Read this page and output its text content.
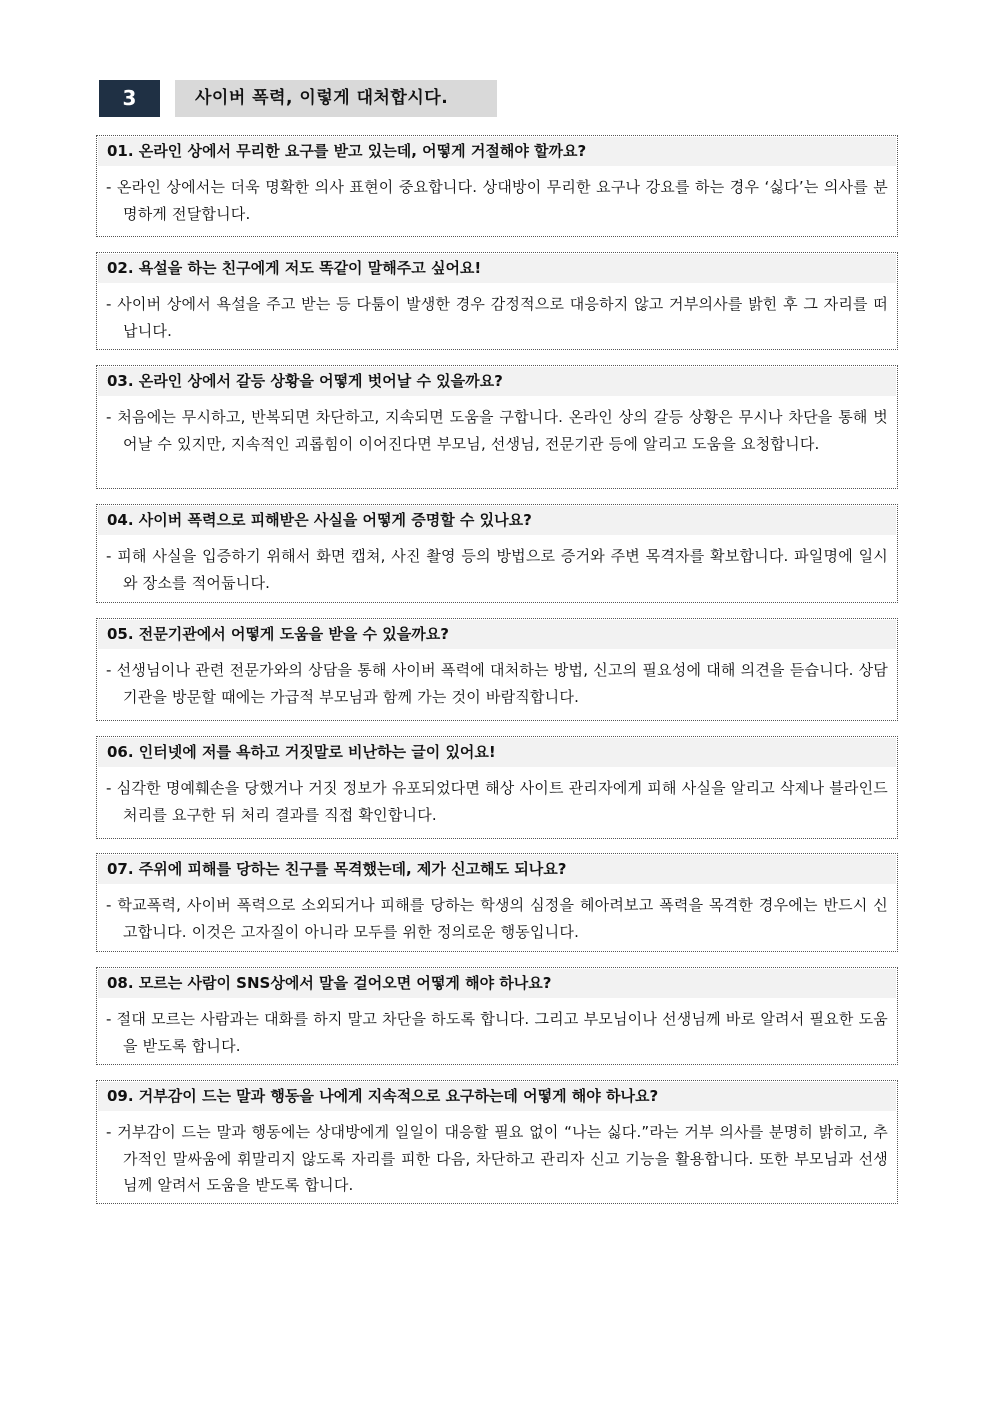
3	사이버 폭력, 이렇게 대처합시다.
01. 온라인 상에서 무리한 요구를 받고 있는데, 어떻게 거절해야 할까요?
- 온라인 상에서는 더욱 명확한 의사 표현이 중요합니다. 상대방이 무리한 요구나 강요를 하는 경우 ‘싫다’는 의사를 분명하게 전달합니다.
02. 욕설을 하는 친구에게 저도 똑같이 말해주고 싶어요!
- 사이버 상에서 욕설을 주고 받는 등 다툼이 발생한 경우 감정적으로 대응하지 않고 거부의사를 밝힌 후 그 자리를 떠납니다.
03. 온라인 상에서 갈등 상황을 어떻게 벗어날 수 있을까요?
- 처음에는 무시하고, 반복되면 차단하고, 지속되면 도움을 구합니다. 온라인 상의 갈등 상황은 무시나 차단을 통해 벗어날 수 있지만, 지속적인 괴롭힘이 이어진다면 부모님, 선생님, 전문기관 등에 알리고 도움을 요청합니다.
04. 사이버 폭력으로 피해받은 사실을 어떻게 증명할 수 있나요?
- 피해 사실을 입증하기 위해서 화면 캡쳐, 사진 촬영 등의 방법으로 증거와 주변 목격자를 확보합니다. 파일명에 일시와 장소를 적어둡니다.
05. 전문기관에서 어떻게 도움을 받을 수 있을까요?
- 선생님이나 관련 전문가와의 상담을 통해 사이버 폭력에 대처하는 방법, 신고의 필요성에 대해 의견을 듣습니다. 상담 기관을 방문할 때에는 가급적 부모님과 함께 가는 것이 바람직합니다.
06. 인터넷에 저를 욕하고 거짓말로 비난하는 글이 있어요!
- 심각한 명예훼손을 당했거나 거짓 정보가 유포되었다면 해상 사이트 관리자에게 피해 사실을 알리고 삭제나 블라인드 처리를 요구한 뒤 처리 결과를 직접 확인합니다.
07. 주위에 피해를 당하는 친구를 목격했는데, 제가 신고해도 되나요?
- 학교폭력, 사이버 폭력으로 소외되거나 피해를 당하는 학생의 심정을 헤아려보고 폭력을 목격한 경우에는 반드시 신고합니다. 이것은 고자질이 아니라 모두를 위한 정의로운 행동입니다.
08. 모르는 사람이 SNS상에서 말을 걸어오면 어떻게 해야 하나요?
- 절대 모르는 사람과는 대화를 하지 말고 차단을 하도록 합니다. 그리고 부모님이나 선생님께 바로 알려서 필요한 도움을 받도록 합니다.
09. 거부감이 드는 말과 행동을 나에게 지속적으로 요구하는데 어떻게 해야 하나요?
- 거부감이 드는 말과 행동에는 상대방에게 일일이 대응할 필요 없이 “나는 싫다.”라는 거부 의사를 분명히 밝히고, 추가적인 말싸움에 휘말리지 않도록 자리를 피한 다음, 차단하고 관리자 신고 기능을 활용합니다. 또한 부모님과 선생님께 알려서 도움을 받도록 합니다.
